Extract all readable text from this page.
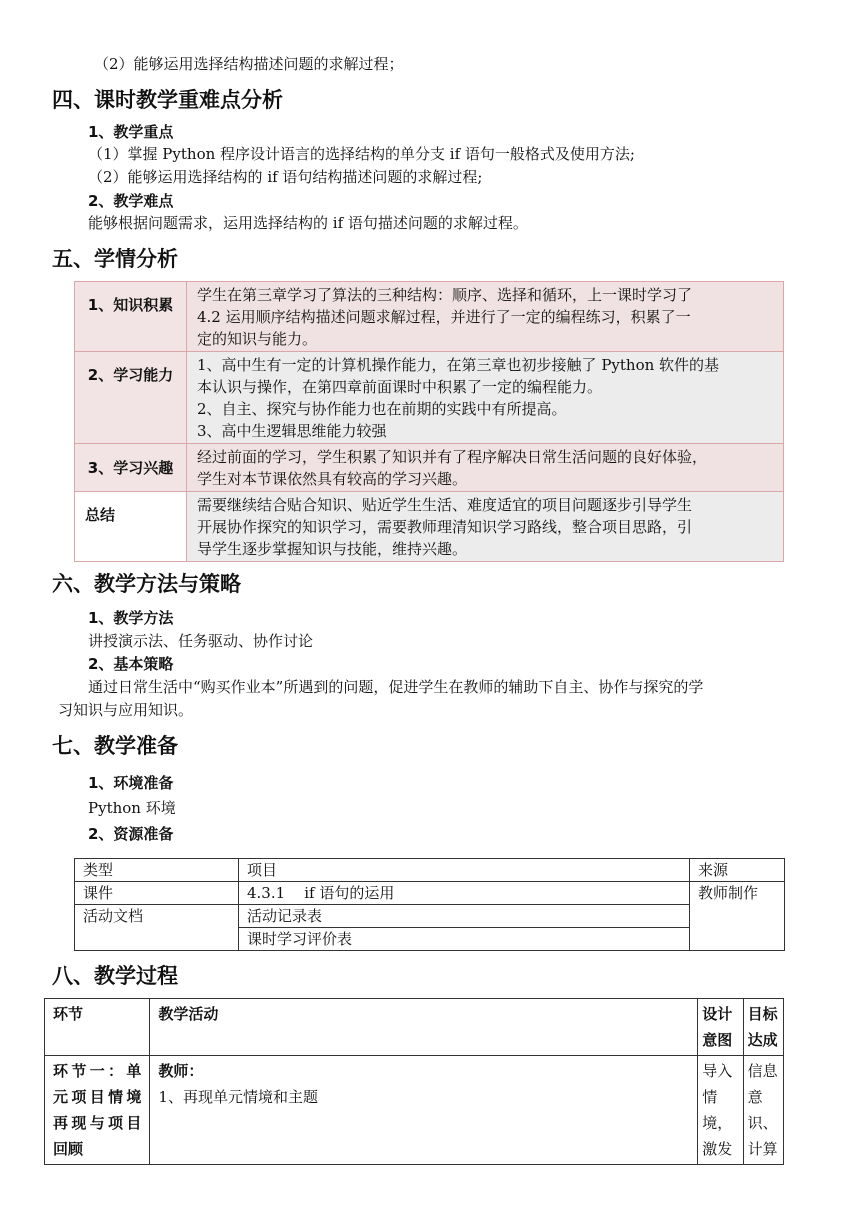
（2）能够运用选择结构描述问题的求解过程；
四、课时教学重难点分析
1、教学重点
（1）掌握 Python 程序设计语言的选择结构的单分支 if 语句一般格式及使用方法;
（2）能够运用选择结构的 if 语句结构描述问题的求解过程;
2、教学难点
能够根据问题需求，运用选择结构的 if 语句描述问题的求解过程。
五、学情分析
1、知识积累	学生在第三章学习了算法的三种结构：顺序、选择和循环，上一课时学习了
4.2 运用顺序结构描述问题求解过程，并进行了一定的编程练习，积累了一
定的知识与能力。

2、学习能力	1、高中生有一定的计算机操作能力，在第三章也初步接触了 Python 软件的基
本认识与操作，在第四章前面课时中积累了一定的编程能力。
2、自主、探究与协作能力也在前期的实践中有所提高。
3、高中生逻辑思维能力较强

3、学习兴趣	经过前面的学习，学生积累了知识并有了程序解决日常生活问题的良好体验，
学生对本节课依然具有较高的学习兴趣。

总结	需要继续结合贴合知识、贴近学生生活、难度适宜的项目问题逐步引导学生
开展协作探究的知识学习，需要教师理清知识学习路线，整合项目思路，引
导学生逐步掌握知识与技能，维持兴趣。
六、教学方法与策略
1、教学方法
讲授演示法、任务驱动、协作讨论
2、基本策略
通过日常生活中“购买作业本”所遇到的问题，促进学生在教师的辅助下自主、协作与探究的学
习知识与应用知识。
七、教学准备
1、环境准备
Python 环境
2、资源准备
类型	项目	来源
课件	4.3.1    if 语句的运用	教师制作
活动文档	活动记录表	
	课时学习评价表	
八、教学过程
环节	教学活动	设计意图	目标达成
环节一：单元项目情境再现与项目回顾	教师：
1、再现单元情境和主题	导入情境，激发	信息意识、计算
